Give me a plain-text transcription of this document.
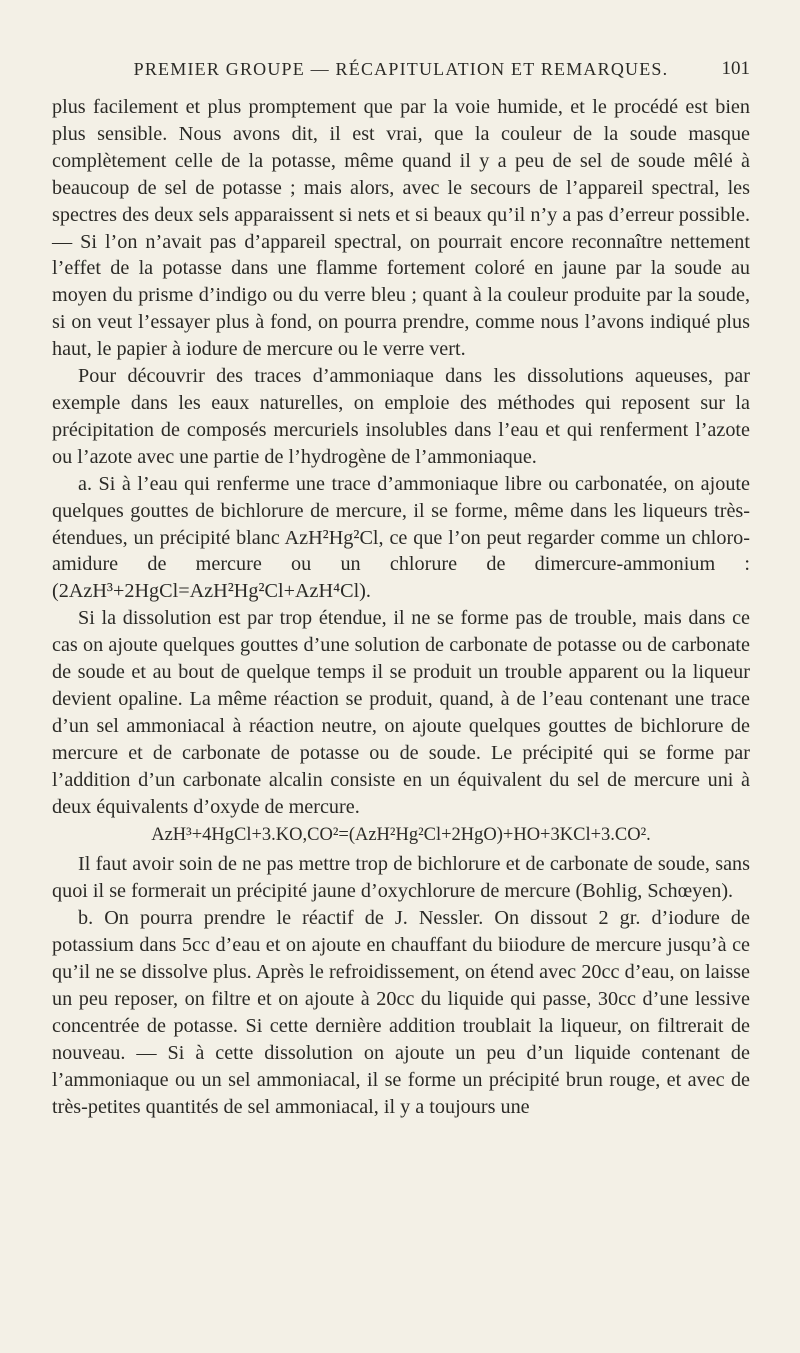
PREMIER GROUPE — RÉCAPITULATION ET REMARQUES.	101

plus facilement et plus promptement que par la voie humide, et le procédé est bien plus sensible. Nous avons dit, il est vrai, que la couleur de la soude masque complètement celle de la potasse, même quand il y a peu de sel de soude mêlé à beaucoup de sel de potasse ; mais alors, avec le secours de l’appareil spectral, les spectres des deux sels apparaissent si nets et si beaux qu’il n’y a pas d’erreur possible. — Si l’on n’avait pas d’appareil spectral, on pourrait encore reconnaître nettement l’effet de la potasse dans une flamme fortement coloré en jaune par la soude au moyen du prisme d’indigo ou du verre bleu ; quant à la couleur produite par la soude, si on veut l’essayer plus à fond, on pourra prendre, comme nous l’avons indiqué plus haut, le papier à iodure de mercure ou le verre vert.

Pour découvrir des traces d’ammoniaque dans les dissolutions aqueuses, par exemple dans les eaux naturelles, on emploie des méthodes qui reposent sur la précipitation de composés mercuriels insolubles dans l’eau et qui renferment l’azote ou l’azote avec une partie de l’hydrogène de l’ammoniaque.

a. Si à l’eau qui renferme une trace d’ammoniaque libre ou carbonatée, on ajoute quelques gouttes de bichlorure de mercure, il se forme, même dans les liqueurs très-étendues, un précipité blanc AzH²Hg²Cl, ce que l’on peut regarder comme un chloro-amidure de mercure ou un chlorure de dimercure-ammonium : (2AzH³+2HgCl=AzH²Hg²Cl+AzH⁴Cl).

Si la dissolution est par trop étendue, il ne se forme pas de trouble, mais dans ce cas on ajoute quelques gouttes d’une solution de carbonate de potasse ou de carbonate de soude et au bout de quelque temps il se produit un trouble apparent ou la liqueur devient opaline. La même réaction se produit, quand, à de l’eau contenant une trace d’un sel ammoniacal à réaction neutre, on ajoute quelques gouttes de bichlorure de mercure et de carbonate de potasse ou de soude. Le précipité qui se forme par l’addition d’un carbonate alcalin consiste en un équivalent du sel de mercure uni à deux équivalents d’oxyde de mercure.

AzH³+4HgCl+3.KO,CO²=(AzH²Hg²Cl+2HgO)+HO+3KCl+3.CO².

Il faut avoir soin de ne pas mettre trop de bichlorure et de carbonate de soude, sans quoi il se formerait un précipité jaune d’oxychlorure de mercure (Bohlig, Schœyen).

b. On pourra prendre le réactif de J. Nessler. On dissout 2 gr. d’iodure de potassium dans 5cc d’eau et on ajoute en chauffant du biiodure de mercure jusqu’à ce qu’il ne se dissolve plus. Après le refroidissement, on étend avec 20cc d’eau, on laisse un peu reposer, on filtre et on ajoute à 20cc du liquide qui passe, 30cc d’une lessive concentrée de potasse. Si cette dernière addition troublait la liqueur, on filtrerait de nouveau. — Si à cette dissolution on ajoute un peu d’un liquide contenant de l’ammoniaque ou un sel ammoniacal, il se forme un précipité brun rouge, et avec de très-petites quantités de sel ammoniacal, il y a toujours une
